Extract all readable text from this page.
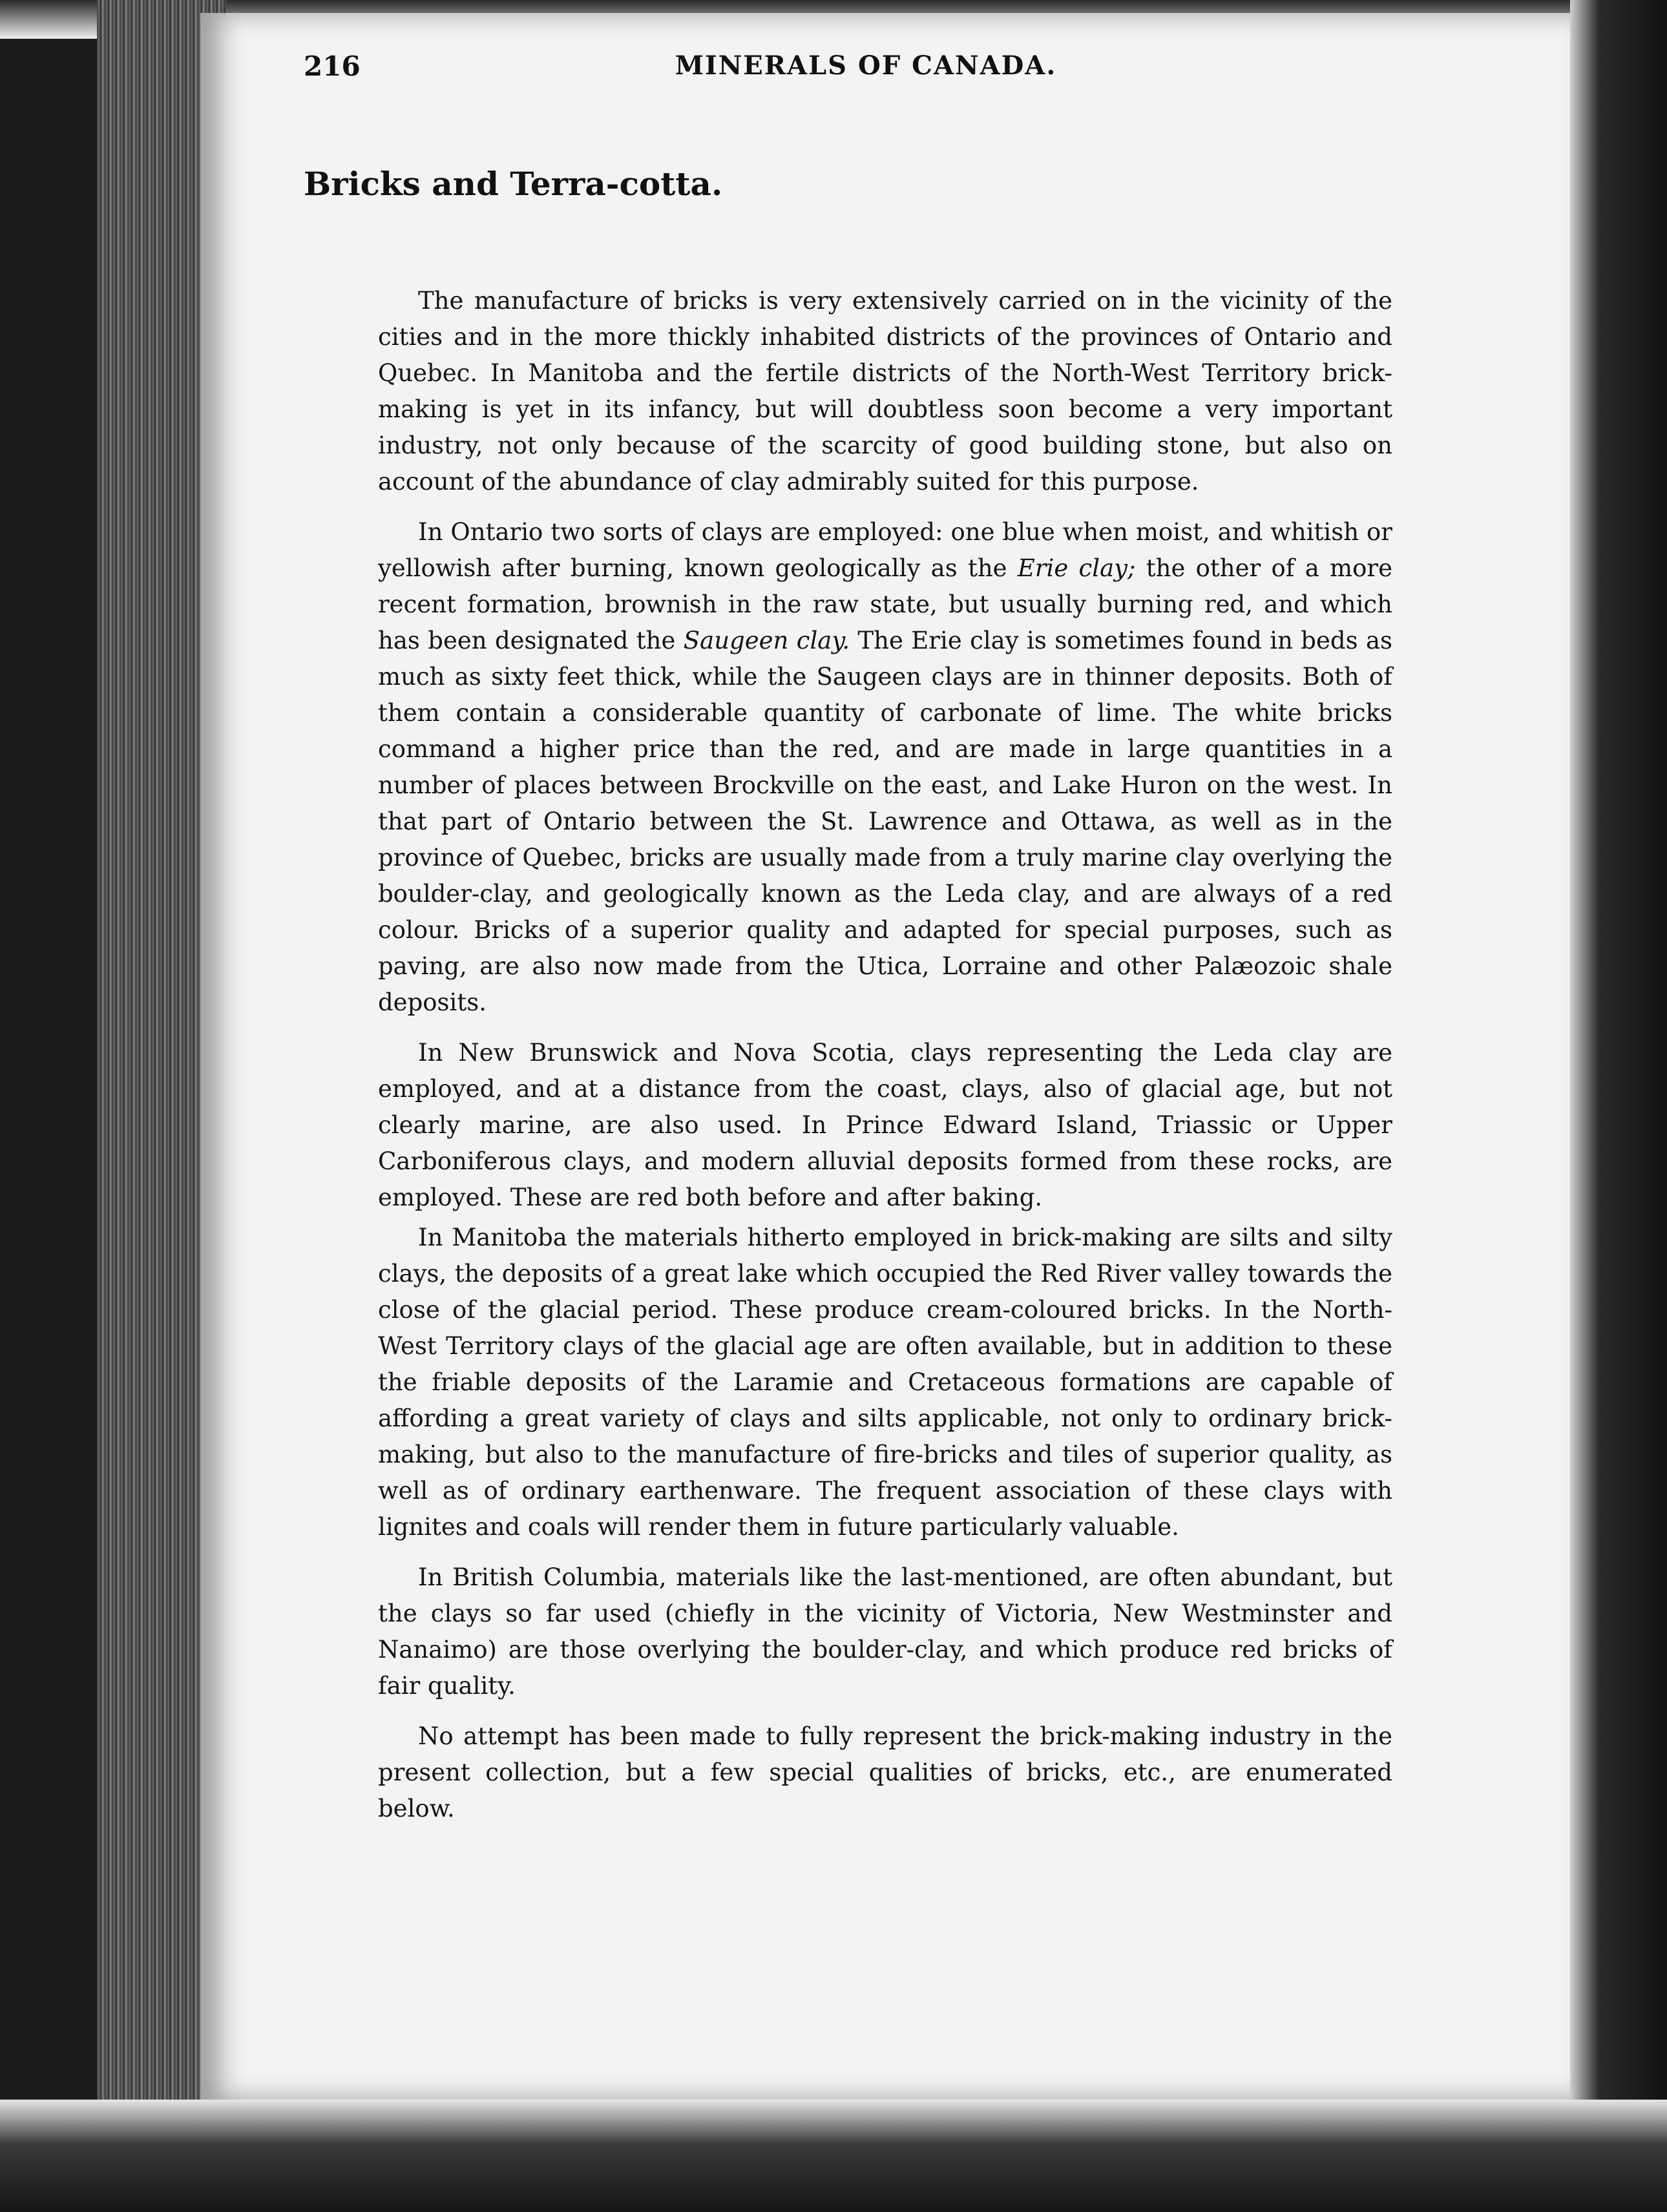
216	MINERALS OF CANADA.
Bricks and Terra-cotta.

The manufacture of bricks is very extensively carried on in the vicinity of the cities and in the more thickly inhabited districts of the provinces of Ontario and Quebec. In Manitoba and the fertile districts of the North-West Territory brick-making is yet in its infancy, but will doubtless soon become a very important industry, not only because of the scarcity of good building stone, but also on account of the abundance of clay admirably suited for this purpose.

In Ontario two sorts of clays are employed: one blue when moist, and whitish or yellowish after burning, known geologically as the Erie clay; the other of a more recent formation, brownish in the raw state, but usually burning red, and which has been designated the Saugeen clay. The Erie clay is sometimes found in beds as much as sixty feet thick, while the Saugeen clays are in thinner deposits. Both of them contain a considerable quantity of carbonate of lime. The white bricks command a higher price than the red, and are made in large quantities in a number of places between Brockville on the east, and Lake Huron on the west. In that part of Ontario between the St. Lawrence and Ottawa, as well as in the province of Quebec, bricks are usually made from a truly marine clay overlying the boulder-clay, and geologically known as the Leda clay, and are always of a red colour. Bricks of a superior quality and adapted for special purposes, such as paving, are also now made from the Utica, Lorraine and other Palæozoic shale deposits.

In New Brunswick and Nova Scotia, clays representing the Leda clay are employed, and at a distance from the coast, clays, also of glacial age, but not clearly marine, are also used. In Prince Edward Island, Triassic or Upper Carboniferous clays, and modern alluvial deposits formed from these rocks, are employed. These are red both before and after baking.

In Manitoba the materials hitherto employed in brick-making are silts and silty clays, the deposits of a great lake which occupied the Red River valley towards the close of the glacial period. These produce cream-coloured bricks. In the North-West Territory clays of the glacial age are often available, but in addition to these the friable deposits of the Laramie and Cretaceous formations are capable of affording a great variety of clays and silts applicable, not only to ordinary brick-making, but also to the manufacture of fire-bricks and tiles of superior quality, as well as of ordinary earthenware. The frequent association of these clays with lignites and coals will render them in future particularly valuable.

In British Columbia, materials like the last-mentioned, are often abundant, but the clays so far used (chiefly in the vicinity of Victoria, New Westminster and Nanaimo) are those overlying the boulder-clay, and which produce red bricks of fair quality.

No attempt has been made to fully represent the brick-making industry in the present collection, but a few special qualities of bricks, etc., are enumerated below.
